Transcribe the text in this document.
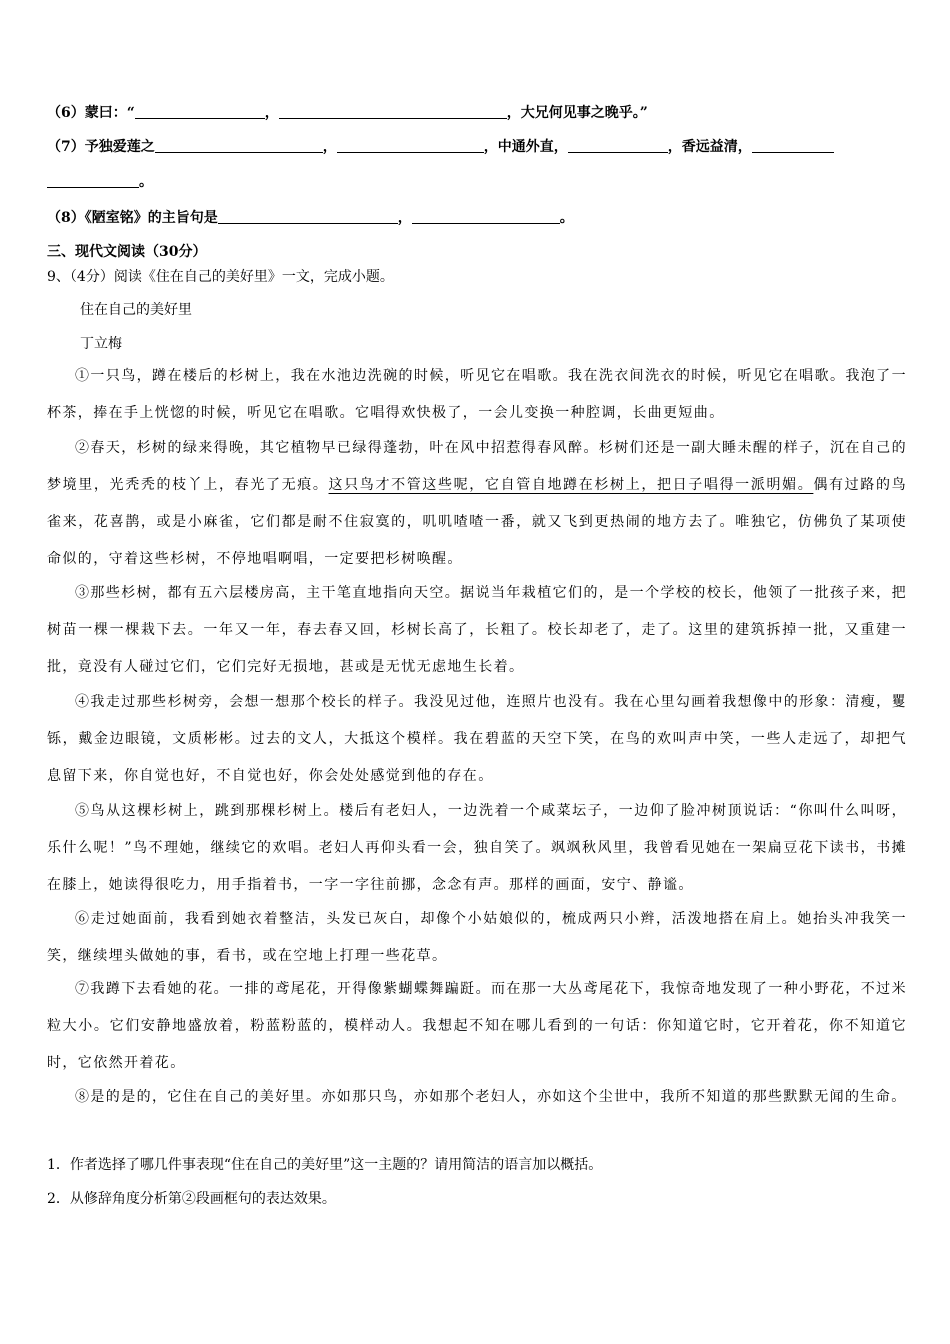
（6）蒙曰：“	，	，大兄何见事之晚乎。”
（7）予独爱莲之	，	，中通外直，	，香远益清，
。
（8）《陋室铭》的主旨句是	，	。
三、现代文阅读（30分）
9、（4分）阅读《住在自己的美好里》一文，完成小题。
住在自己的美好里
丁立梅
①一只鸟，蹲在楼后的杉树上，我在水池边洗碗的时候，听见它在唱歌。我在洗衣间洗衣的时候，听见它在唱歌。我泡了一杯茶，捧在手上恍惚的时候，听见它在唱歌。它唱得欢快极了，一会儿变换一种腔调，长曲更短曲。
②春天，杉树的绿来得晚，其它植物早已绿得蓬勃，叶在风中招惹得春风醉。杉树们还是一副大睡未醒的样子，沉在自己的梦境里，光秃秃的枝丫上，春光了无痕。这只鸟才不管这些呢，它自管自地蹲在杉树上，把日子唱得一派明媚。偶有过路的鸟雀来，花喜鹊，或是小麻雀，它们都是耐不住寂寞的，叽叽喳喳一番，就又飞到更热闹的地方去了。唯独它，仿佛负了某项使命似的，守着这些杉树，不停地唱啊唱，一定要把杉树唤醒。
③那些杉树，都有五六层楼房高，主干笔直地指向天空。据说当年栽植它们的，是一个学校的校长，他领了一批孩子来，把树苗一棵一棵栽下去。一年又一年，春去春又回，杉树长高了，长粗了。校长却老了，走了。这里的建筑拆掉一批，又重建一批，竟没有人碰过它们，它们完好无损地，甚或是无忧无虑地生长着。
④我走过那些杉树旁，会想一想那个校长的样子。我没见过他，连照片也没有。我在心里勾画着我想像中的形象：清瘦，矍铄，戴金边眼镜，文质彬彬。过去的文人，大抵这个模样。我在碧蓝的天空下笑，在鸟的欢叫声中笑，一些人走远了，却把气息留下来，你自觉也好，不自觉也好，你会处处感觉到他的存在。
⑤鸟从这棵杉树上，跳到那棵杉树上。楼后有老妇人，一边洗着一个咸菜坛子，一边仰了脸冲树顶说话：“你叫什么叫呀，乐什么呢！”鸟不理她，继续它的欢唱。老妇人再仰头看一会，独自笑了。飒飒秋风里，我曾看见她在一架扁豆花下读书，书摊在膝上，她读得很吃力，用手指着书，一字一字往前挪，念念有声。那样的画面，安宁、静谧。
⑥走过她面前，我看到她衣着整洁，头发已灰白，却像个小姑娘似的，梳成两只小辫，活泼地搭在肩上。她抬头冲我笑一笑，继续埋头做她的事，看书，或在空地上打理一些花草。
⑦我蹲下去看她的花。一排的鸢尾花，开得像紫蝴蝶舞蹁跹。而在那一大丛鸢尾花下，我惊奇地发现了一种小野花，不过米粒大小。它们安静地盛放着，粉蓝粉蓝的，模样动人。我想起不知在哪儿看到的一句话：你知道它时，它开着花，你不知道它时，它依然开着花。
⑧是的是的，它住在自己的美好里。亦如那只鸟，亦如那个老妇人，亦如这个尘世中，我所不知道的那些默默无闻的生命。
1．作者选择了哪几件事表现“住在自己的美好里”这一主题的？请用简洁的语言加以概括。
2．从修辞角度分析第②段画框句的表达效果。
